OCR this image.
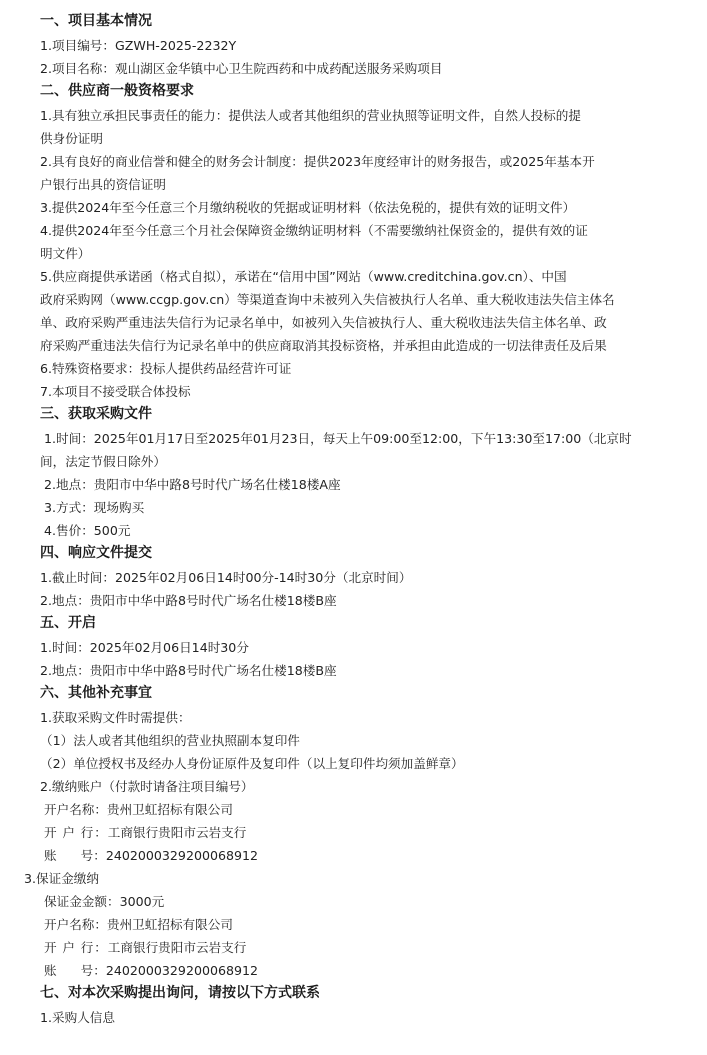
一、项目基本情况
1.项目编号：GZWH-2025-2232Y
2.项目名称：观山湖区金华镇中心卫生院西药和中成药配送服务采购项目
二、供应商一般资格要求
1.具有独立承担民事责任的能力：提供法人或者其他组织的营业执照等证明文件，自然人投标的提
供身份证明
2.具有良好的商业信誉和健全的财务会计制度：提供2023年度经审计的财务报告，或2025年基本开
户银行出具的资信证明
3.提供2024年至今任意三个月缴纳税收的凭据或证明材料（依法免税的，提供有效的证明文件）
4.提供2024年至今任意三个月社会保障资金缴纳证明材料（不需要缴纳社保资金的，提供有效的证
明文件）
5.供应商提供承诺函（格式自拟），承诺在“信用中国”网站（www.creditchina.gov.cn）、中国
政府采购网（www.ccgp.gov.cn）等渠道查询中未被列入失信被执行人名单、重大税收违法失信主体名
单、政府采购严重违法失信行为记录名单中，如被列入失信被执行人、重大税收违法失信主体名单、政
府采购严重违法失信行为记录名单中的供应商取消其投标资格，并承担由此造成的一切法律责任及后果
6.特殊资格要求：投标人提供药品经营许可证
7.本项目不接受联合体投标
三、获取采购文件
1.时间：2025年01月17日至2025年01月23日，每天上午09:00至12:00，下午13:30至17:00（北京时
间，法定节假日除外）
2.地点：贵阳市中华中路8号时代广场名仕楼18楼A座
3.方式：现场购买
4.售价：500元
四、响应文件提交
1.截止时间：2025年02月06日14时00分-14时30分（北京时间）
2.地点：贵阳市中华中路8号时代广场名仕楼18楼B座
五、开启
1.时间：2025年02月06日14时30分
2.地点：贵阳市中华中路8号时代广场名仕楼18楼B座
六、其他补充事宜
1.获取采购文件时需提供：
（1）法人或者其他组织的营业执照副本复印件
（2）单位授权书及经办人身份证原件及复印件（以上复印件均须加盖鲜章）
2.缴纳账户（付款时请备注项目编号）
开户名称：贵州卫虹招标有限公司
开 户 行：工商银行贵阳市云岩支行
账      号：2402000329200068912
3.保证金缴纳
保证金金额：3000元
开户名称：贵州卫虹招标有限公司
开 户 行：工商银行贵阳市云岩支行
账      号：2402000329200068912
七、对本次采购提出询问，请按以下方式联系
1.采购人信息
